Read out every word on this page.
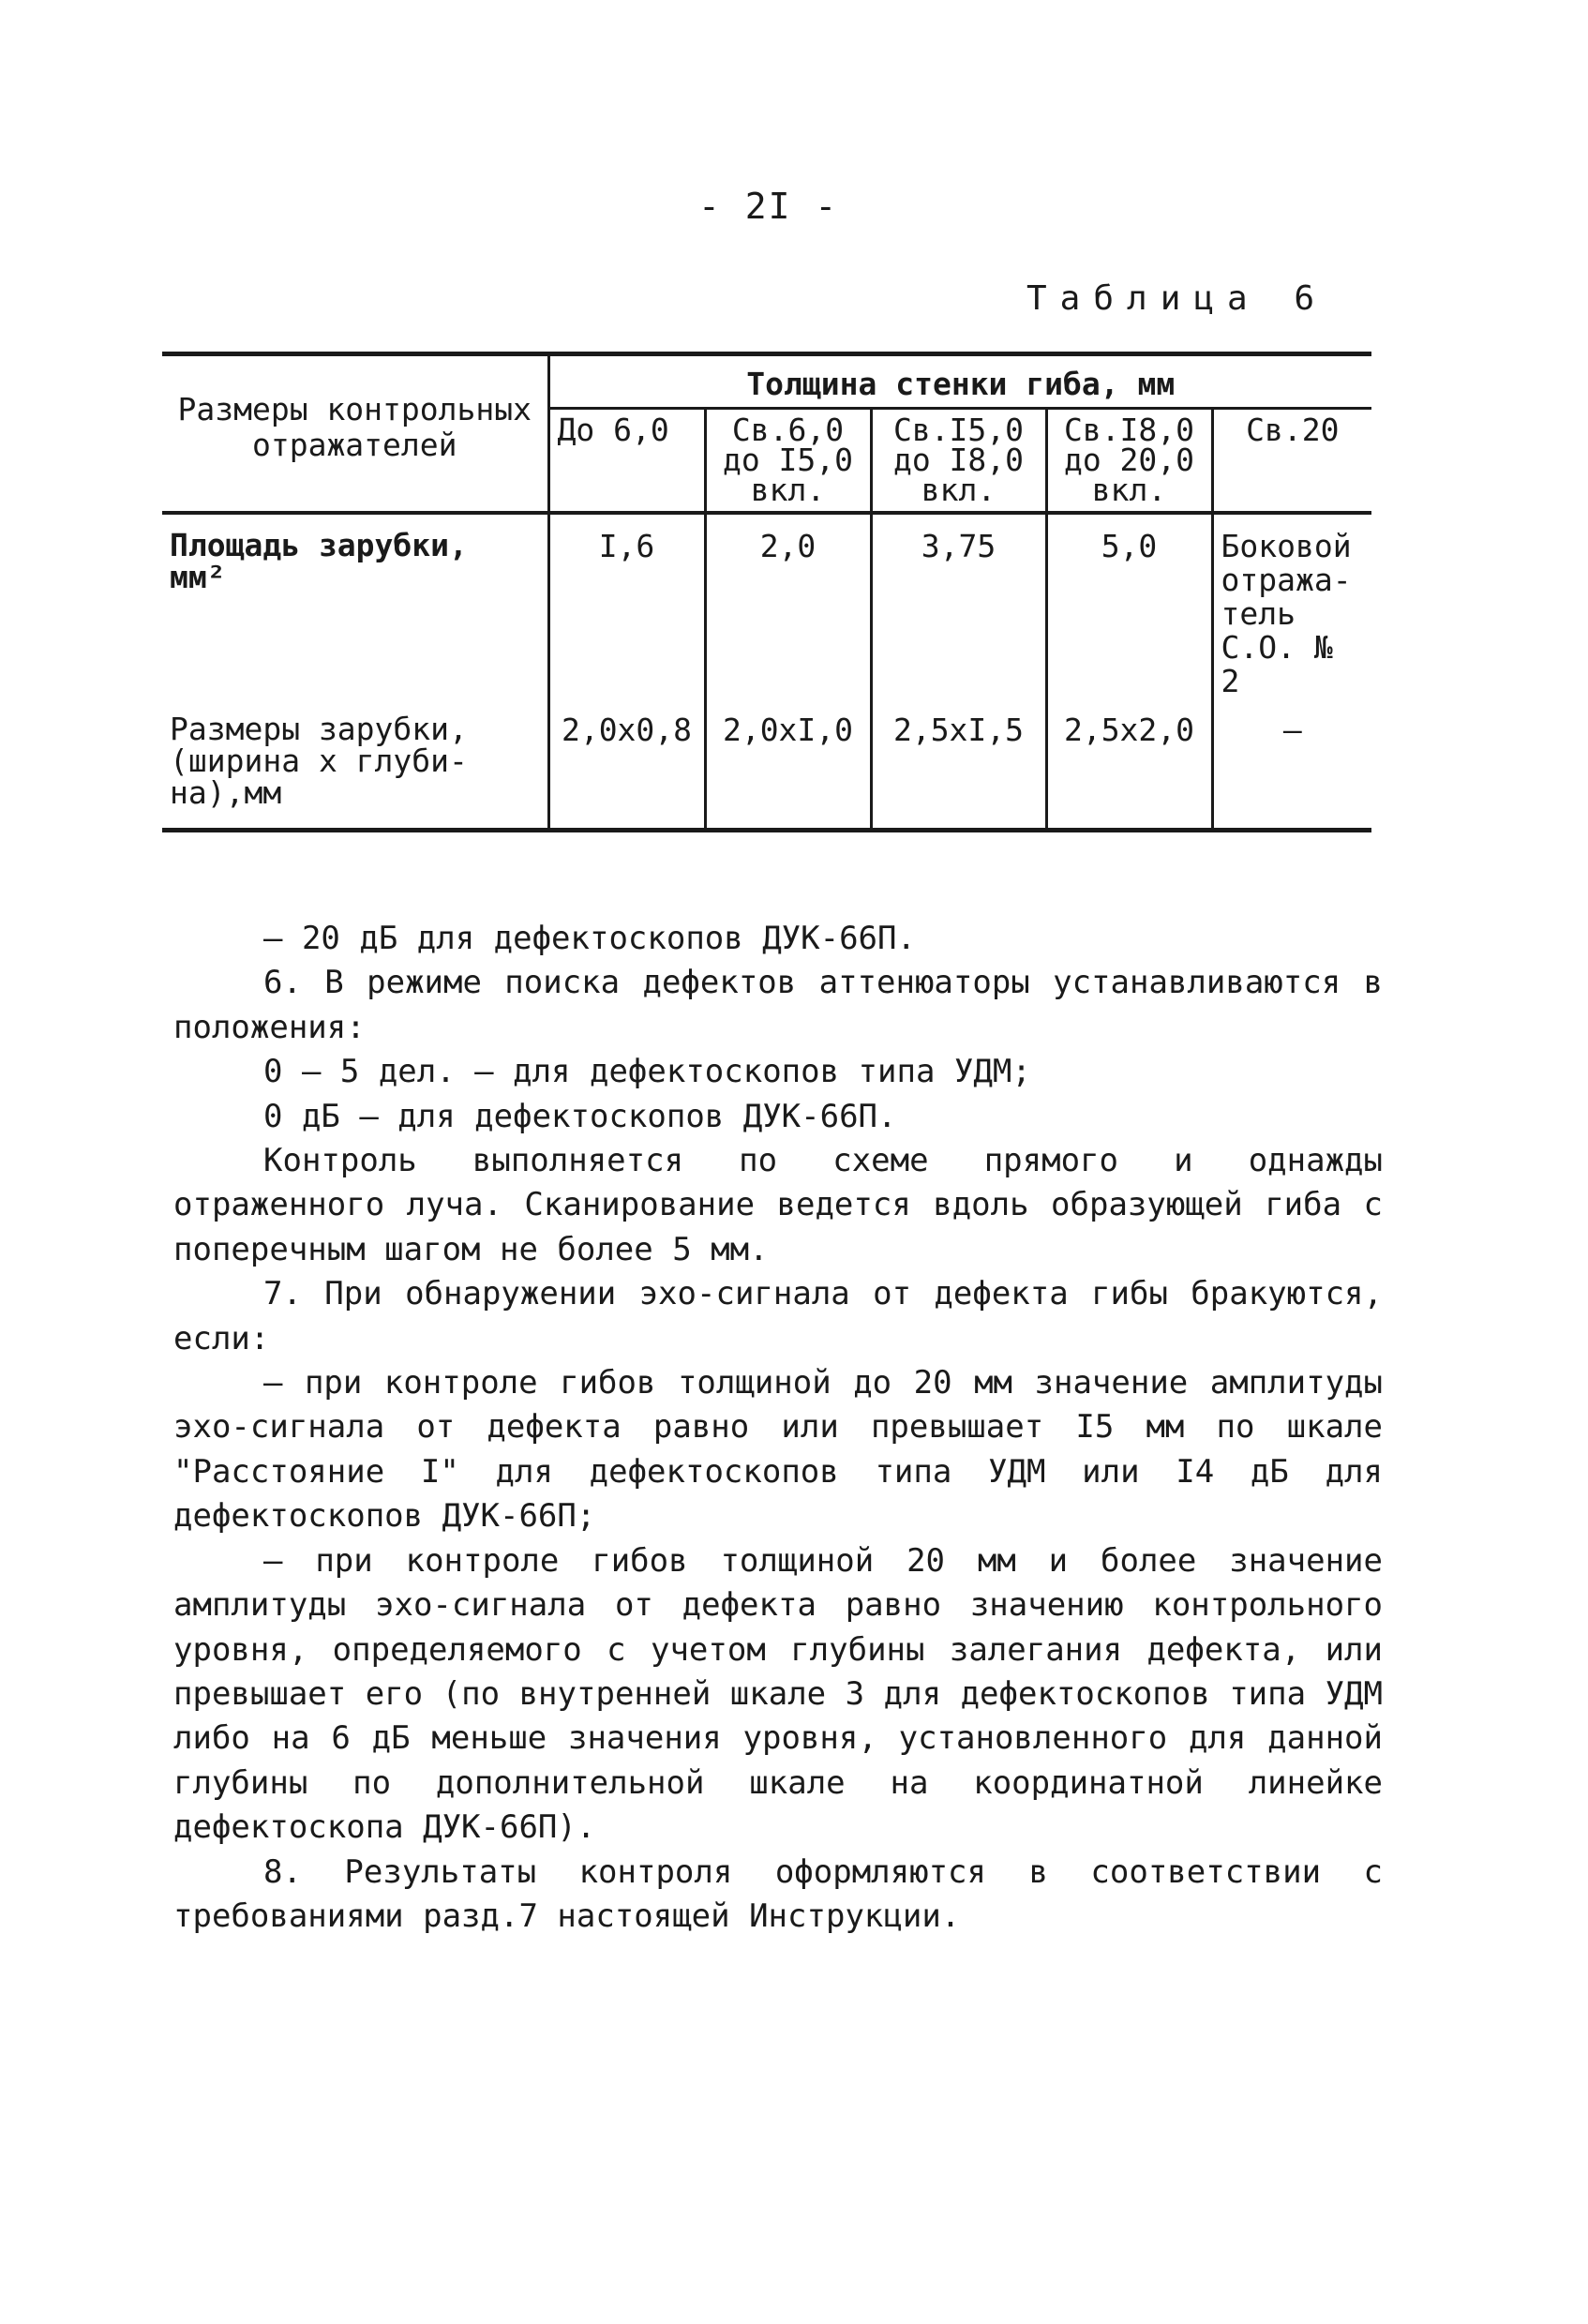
- 2I -
Таблица 6
Размеры контрольных отражателей	Толщина стенки гиба, мм				
	До 6,0	Св.6,0 до I5,0 вкл.	Св.I5,0 до I8,0 вкл.	Св.I8,0 до 20,0 вкл.	Св.20
Площадь зарубки, мм²	I,6	2,0	3,75	5,0	Боковой отража-тель С.О. № 2
Размеры зарубки, (ширина х глуби-на),мм	2,0х0,8	2,0хI,0	2,5хI,5	2,5х2,0	–

– 20 дБ для дефектоскопов ДУК-66П.

6. В режиме поиска дефектов аттенюаторы устанавливаются в положения:

0 – 5 дел. – для дефектоскопов типа УДМ;

0 дБ – для дефектоскопов ДУК-66П.

Контроль выполняется по схеме прямого и однажды отраженного луча. Сканирование ведется вдоль образующей гиба с поперечным шагом не более 5 мм.

7. При обнаружении эхо-сигнала от дефекта гибы бракуются, если:

– при контроле гибов толщиной до 20 мм значение амплитуды эхо-сигнала от дефекта равно или превышает I5 мм по шкале "Расстояние I" для дефектоскопов типа УДМ или I4 дБ для дефектоскопов ДУК-66П;

– при контроле гибов толщиной 20 мм и более значение амплитуды эхо-сигнала от дефекта равно значению контрольного уровня, определяемого с учетом глубины залегания дефекта, или превышает его (по внутренней шкале 3 для дефектоскопов типа УДМ либо на 6 дБ меньше значения уровня, установленного для данной глубины по дополнительной шкале на координатной линейке дефектоскопа ДУК-66П).

8. Результаты контроля оформляются в соответствии с требованиями разд.7 настоящей Инструкции.
